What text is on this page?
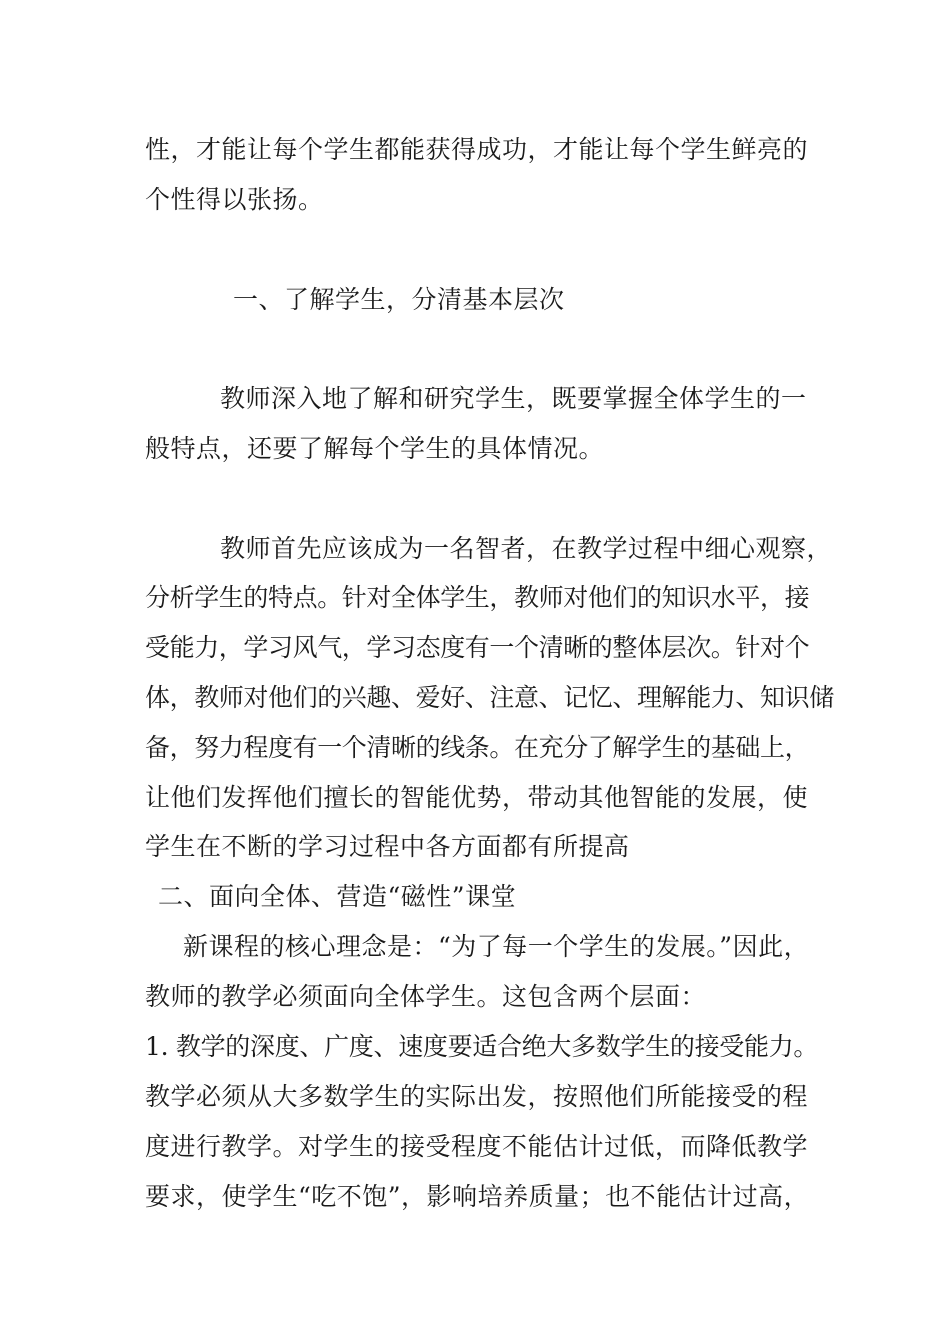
性，才能让每个学生都能获得成功，才能让每个学生鲜亮的
个性得以张扬。
一、了解学生，分清基本层次
教师深入地了解和研究学生，既要掌握全体学生的一
般特点，还要了解每个学生的具体情况。
教师首先应该成为一名智者，在教学过程中细心观察，
分析学生的特点。针对全体学生，教师对他们的知识水平，接
受能力，学习风气，学习态度有一个清晰的整体层次。针对个
体，教师对他们的兴趣、爱好、注意、记忆、理解能力、知识储
备，努力程度有一个清晰的线条。在充分了解学生的基础上，
让他们发挥他们擅长的智能优势，带动其他智能的发展，使
学生在不断的学习过程中各方面都有所提高
二、面向全体、营造“磁性”课堂
新课程的核心理念是：“为了每一个学生的发展。”因此，
教师的教学必须面向全体学生。这包含两个层面：
1. 教学的深度、广度、速度要适合绝大多数学生的接受能力。
教学必须从大多数学生的实际出发，按照他们所能接受的程
度进行教学。对学生的接受程度不能估计过低，而降低教学
要求，使学生“吃不饱”，影响培养质量；也不能估计过高，
